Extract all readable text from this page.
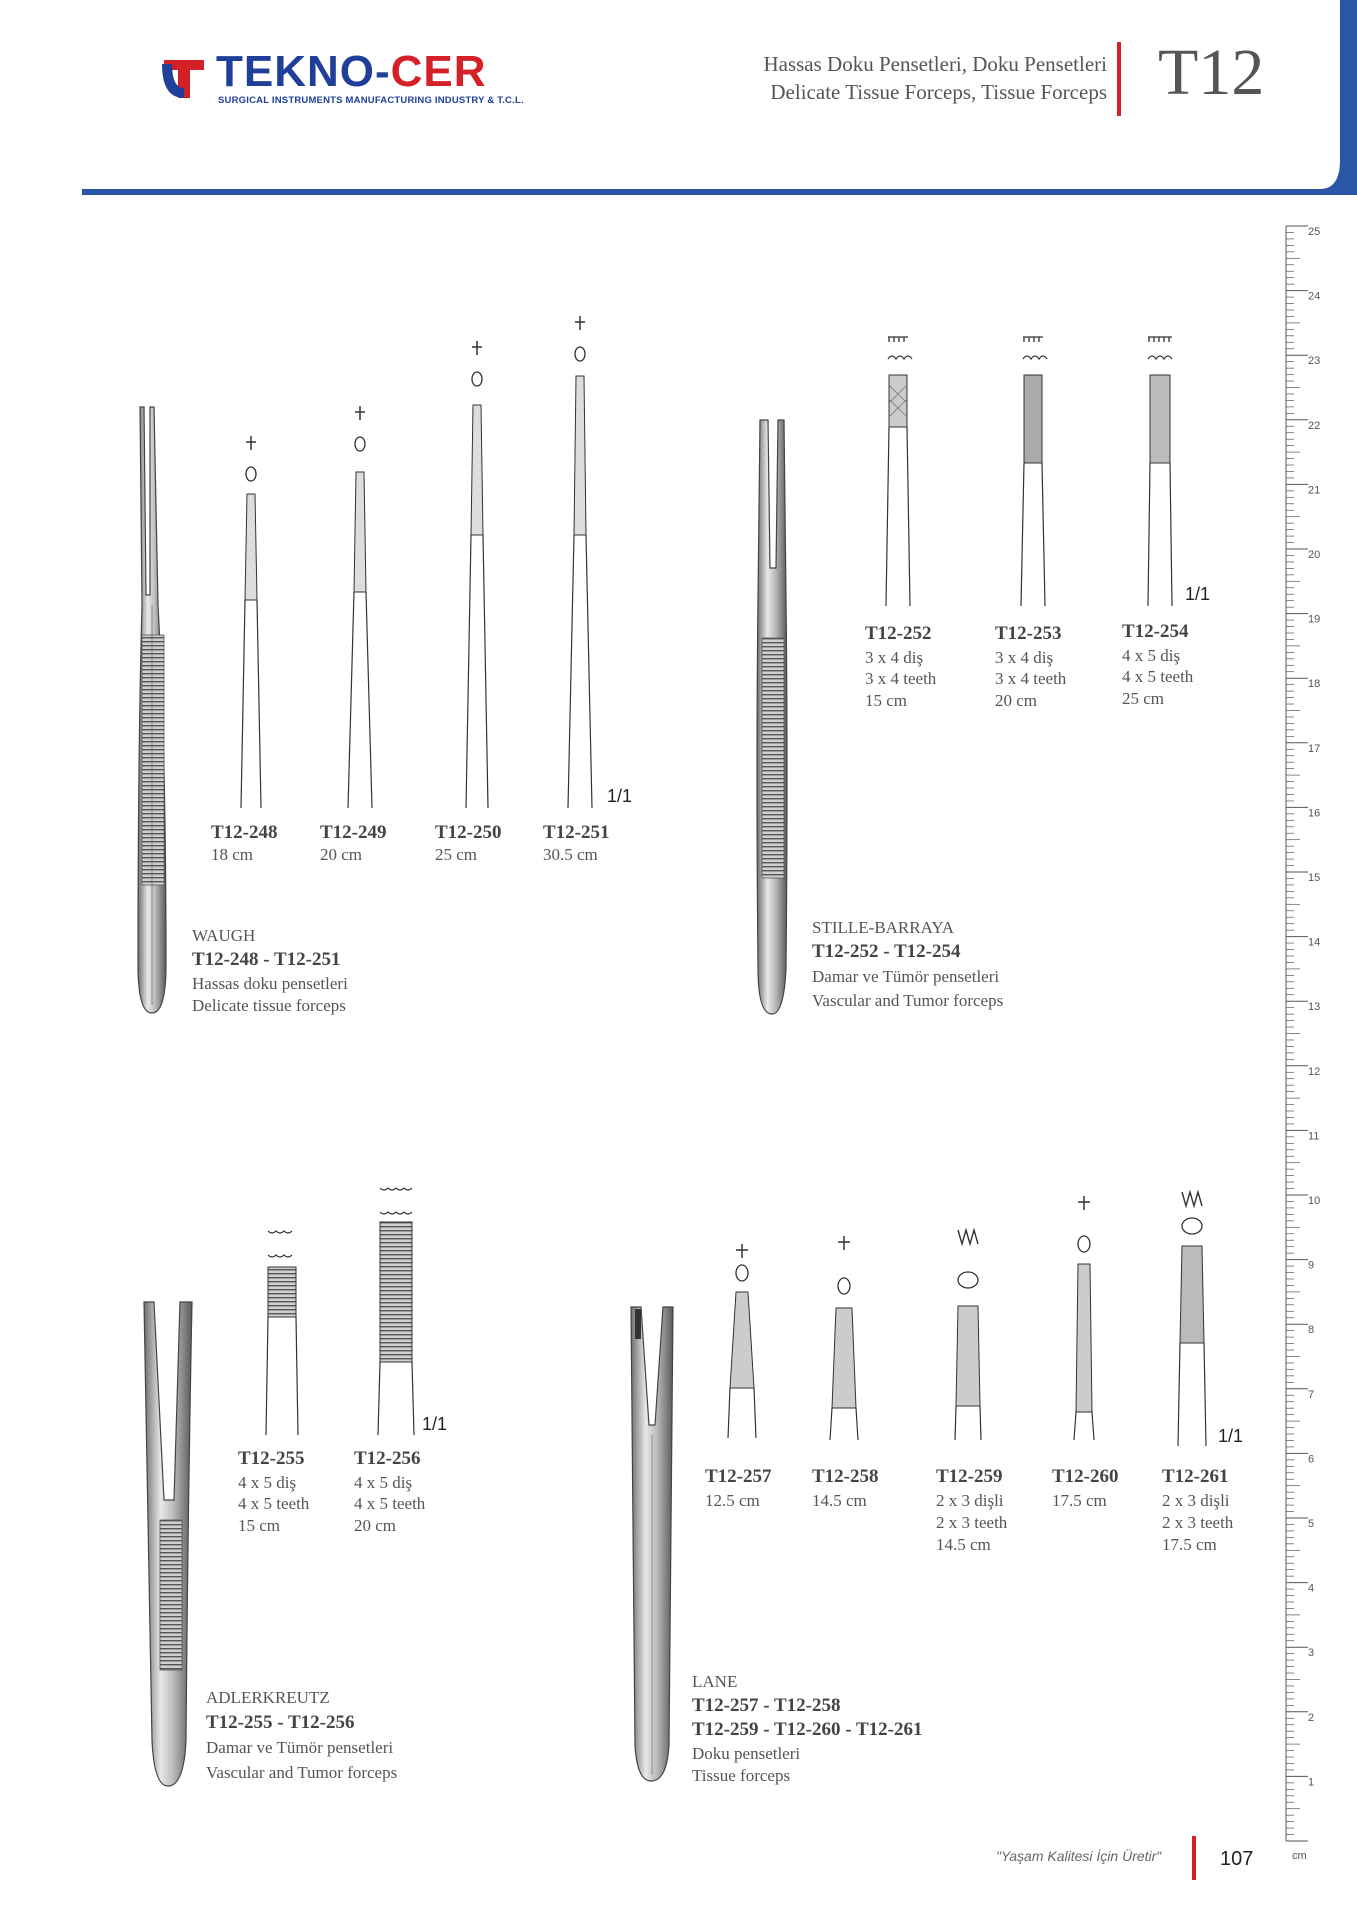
TEKNO-CER
SURGICAL INSTRUMENTS MANUFACTURING INDUSTRY & T.C.L.
Hassas Doku Pensetleri, Doku Pensetleri
Delicate Tissue Forceps, Tissue Forceps T12
25
24
23
22
21
20
19
18
17
16
15
14
13
12
11
10
9
8
7
6
5
4
3
2
1
cm
1/1
T12-248
18 cm
T12-249
20 cm
T12-250
25 cm
T12-251
30.5 cm
WAUGH
T12-248 - T12-251
Hassas doku pensetleri
Delicate tissue forceps
1/1
T12-252
3 x 4 diş
3 x 4 teeth
15 cm
T12-253
3 x 4 diş
3 x 4 teeth
20 cm
T12-254
4 x 5 diş
4 x 5 teeth
25 cm
STILLE-BARRAYA
T12-252 - T12-254
Damar ve Tümör pensetleri
Vascular and Tumor forceps
1/1
T12-255
4 x 5 diş
4 x 5 teeth
15 cm
T12-256
4 x 5 diş
4 x 5 teeth
20 cm
ADLERKREUTZ
T12-255 - T12-256
Damar ve Tümör pensetleri
Vascular and Tumor forceps
1/1
T12-257
12.5 cm
T12-258
14.5 cm
T12-259
2 x 3 dişli
2 x 3 teeth
14.5 cm
T12-260
17.5 cm
T12-261
2 x 3 dişli
2 x 3 teeth
17.5 cm
LANE
T12-257 - T12-258
T12-259 - T12-260 - T12-261
Doku pensetleri
Tissue forceps
"Yaşam Kalitesi İçin Üretir"	107
